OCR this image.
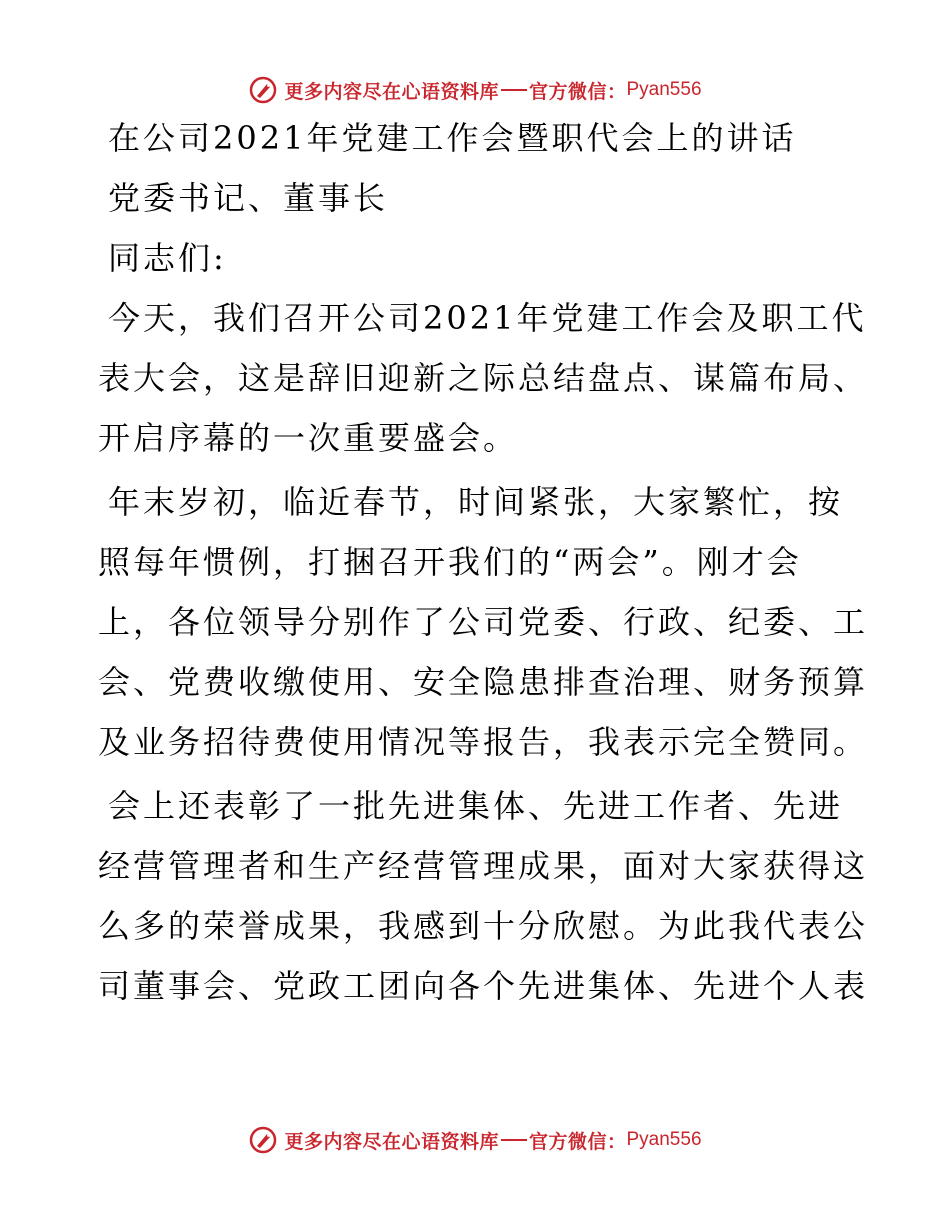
更多内容尽在心语资料库 官方微信： Pyan556
在公司2021年党建工作会暨职代会上的讲话
党委书记、董事长
同志们:
今天，我们召开公司2021年党建工作会及职工代
表大会，这是辞旧迎新之际总结盘点、谋篇布局、
开启序幕的一次重要盛会。
年末岁初，临近春节，时间紧张，大家繁忙，按
照每年惯例，打捆召开我们的“两会”。刚才会
上，各位领导分别作了公司党委、行政、纪委、工
会、党费收缴使用、安全隐患排查治理、财务预算
及业务招待费使用情况等报告，我表示完全赞同。
会上还表彰了一批先进集体、先进工作者、先进
经营管理者和生产经营管理成果，面对大家获得这
么多的荣誉成果，我感到十分欣慰。为此我代表公
司董事会、党政工团向各个先进集体、先进个人表
更多内容尽在心语资料库 官方微信： Pyan556
